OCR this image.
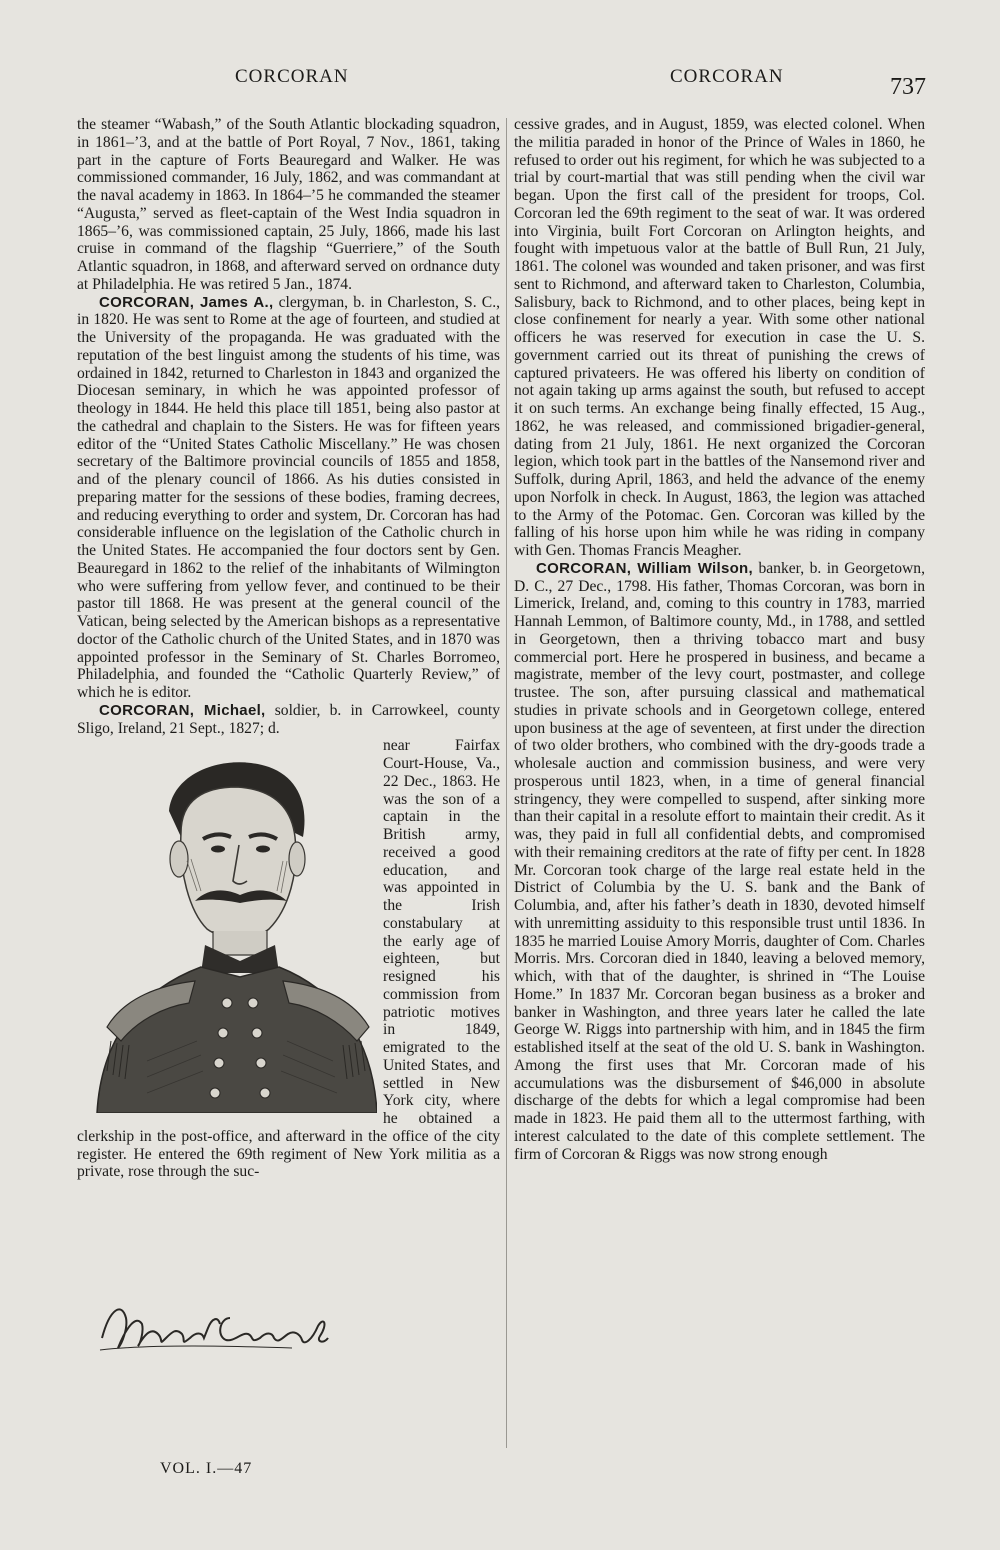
CORCORAN	CORCORAN	737

the steamer “Wabash,” of the South Atlantic blockading squadron, in 1861–’3, and at the battle of Port Royal, 7 Nov., 1861, taking part in the capture of Forts Beauregard and Walker. He was commissioned commander, 16 July, 1862, and was commandant at the naval academy in 1863. In 1864–’5 he commanded the steamer “Augusta,” served as fleet-captain of the West India squadron in 1865–’6, was commissioned captain, 25 July, 1866, made his last cruise in command of the flagship “Guerriere,” of the South Atlantic squadron, in 1868, and afterward served on ordnance duty at Philadelphia. He was retired 5 Jan., 1874.

CORCORAN, James A., clergyman, b. in Charleston, S. C., in 1820. He was sent to Rome at the age of fourteen, and studied at the University of the propaganda. He was graduated with the reputation of the best linguist among the students of his time, was ordained in 1842, returned to Charleston in 1843 and organized the Diocesan seminary, in which he was appointed professor of theology in 1844. He held this place till 1851, being also pastor at the cathedral and chaplain to the Sisters. He was for fifteen years editor of the “United States Catholic Miscellany.” He was chosen secretary of the Baltimore provincial councils of 1855 and 1858, and of the plenary council of 1866. As his duties consisted in preparing matter for the sessions of these bodies, framing decrees, and reducing everything to order and system, Dr. Corcoran has had considerable influence on the legislation of the Catholic church in the United States. He accompanied the four doctors sent by Gen. Beauregard in 1862 to the relief of the inhabitants of Wilmington who were suffering from yellow fever, and continued to be their pastor till 1868. He was present at the general council of the Vatican, being selected by the American bishops as a representative doctor of the Catholic church of the United States, and in 1870 was appointed professor in the Seminary of St. Charles Borromeo, Philadelphia, and founded the “Catholic Quarterly Review,” of which he is editor.

CORCORAN, Michael, soldier, b. in Carrowkeel, county Sligo, Ireland, 21 Sept., 1827; d.

near Fairfax Court-House, Va., 22 Dec., 1863. He was the son of a captain in the British army, received a good education, and was appointed in the Irish constabulary at the early age of eighteen, but resigned his commission from patriotic motives in 1849, emigrated to the United States, and settled in New York city, where he obtained a clerkship in the post-office, and afterward in the office of the city register. He entered the 69th regiment of New York militia as a private, rose through the suc-

cessive grades, and in August, 1859, was elected colonel. When the militia paraded in honor of the Prince of Wales in 1860, he refused to order out his regiment, for which he was subjected to a trial by court-martial that was still pending when the civil war began. Upon the first call of the president for troops, Col. Corcoran led the 69th regiment to the seat of war. It was ordered into Virginia, built Fort Corcoran on Arlington heights, and fought with impetuous valor at the battle of Bull Run, 21 July, 1861. The colonel was wounded and taken prisoner, and was first sent to Richmond, and afterward taken to Charleston, Columbia, Salisbury, back to Richmond, and to other places, being kept in close confinement for nearly a year. With some other national officers he was reserved for execution in case the U. S. government carried out its threat of punishing the crews of captured privateers. He was offered his liberty on condition of not again taking up arms against the south, but refused to accept it on such terms. An exchange being finally effected, 15 Aug., 1862, he was released, and commissioned brigadier-general, dating from 21 July, 1861. He next organized the Corcoran legion, which took part in the battles of the Nansemond river and Suffolk, during April, 1863, and held the advance of the enemy upon Norfolk in check. In August, 1863, the legion was attached to the Army of the Potomac. Gen. Corcoran was killed by the falling of his horse upon him while he was riding in company with Gen. Thomas Francis Meagher.

CORCORAN, William Wilson, banker, b. in Georgetown, D. C., 27 Dec., 1798. His father, Thomas Corcoran, was born in Limerick, Ireland, and, coming to this country in 1783, married Hannah Lemmon, of Baltimore county, Md., in 1788, and settled in Georgetown, then a thriving tobacco mart and busy commercial port. Here he prospered in business, and became a magistrate, member of the levy court, postmaster, and college trustee. The son, after pursuing classical and mathematical studies in private schools and in Georgetown college, entered upon business at the age of seventeen, at first under the direction of two older brothers, who combined with the dry-goods trade a wholesale auction and commission business, and were very prosperous until 1823, when, in a time of general financial stringency, they were compelled to suspend, after sinking more than their capital in a resolute effort to maintain their credit. As it was, they paid in full all confidential debts, and compromised with their remaining creditors at the rate of fifty per cent. In 1828 Mr. Corcoran took charge of the large real estate held in the District of Columbia by the U. S. bank and the Bank of Columbia, and, after his father’s death in 1830, devoted himself with unremitting assiduity to this responsible trust until 1836. In 1835 he married Louise Amory Morris, daughter of Com. Charles Morris. Mrs. Corcoran died in 1840, leaving a beloved memory, which, with that of the daughter, is shrined in “The Louise Home.” In 1837 Mr. Corcoran began business as a broker and banker in Washington, and three years later he called the late George W. Riggs into partnership with him, and in 1845 the firm established itself at the seat of the old U. S. bank in Washington. Among the first uses that Mr. Corcoran made of his accumulations was the disbursement of $46,000 in absolute discharge of the debts for which a legal compromise had been made in 1823. He paid them all to the uttermost farthing, with interest calculated to the date of this complete settlement. The firm of Corcoran & Riggs was now strong enough

VOL. I.—47
